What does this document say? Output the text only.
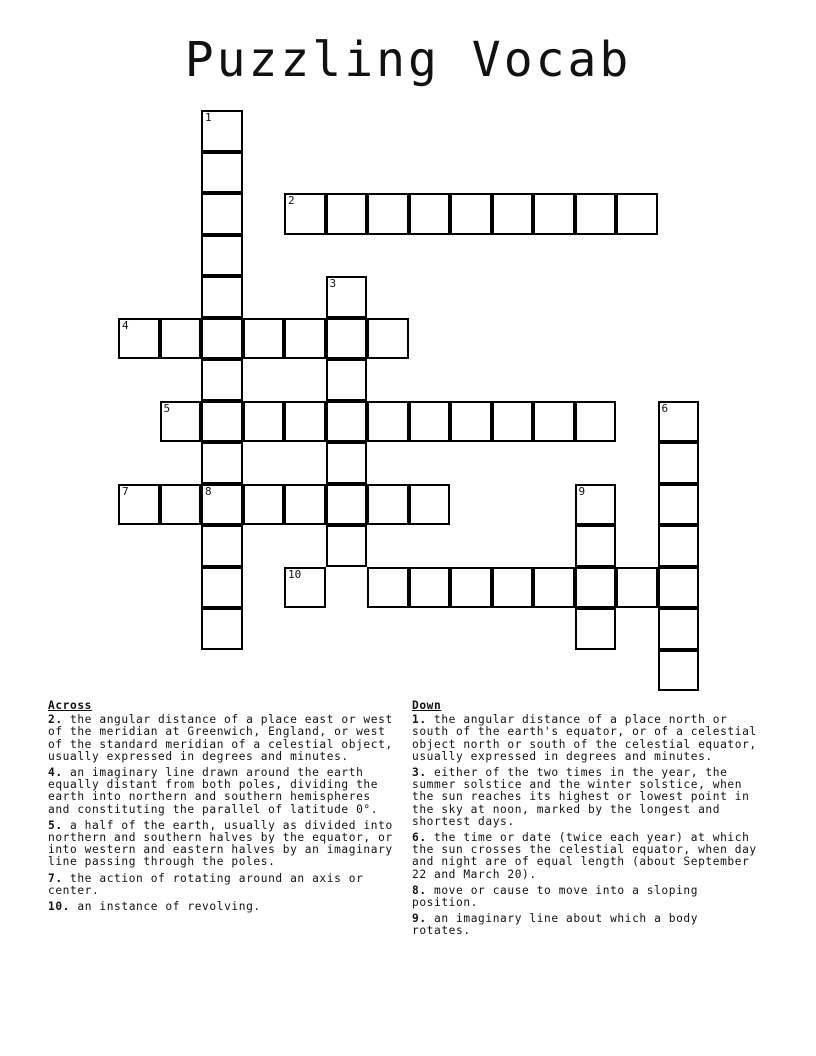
Puzzling Vocab
1
2
3
4
5	6
7	8	9
10
Across
2. the angular distance of a place east or west of the meridian at Greenwich, England, or west of the standard meridian of a celestial object, usually expressed in degrees and minutes.
4. an imaginary line drawn around the earth equally distant from both poles, dividing the earth into northern and southern hemispheres and constituting the parallel of latitude 0°.
5. a half of the earth, usually as divided into northern and southern halves by the equator, or into western and eastern halves by an imaginary line passing through the poles.
7. the action of rotating around an axis or center.
10. an instance of revolving.
Down
1. the angular distance of a place north or south of the earth's equator, or of a celestial object north or south of the celestial equator, usually expressed in degrees and minutes.
3. either of the two times in the year, the summer solstice and the winter solstice, when the sun reaches its highest or lowest point in the sky at noon, marked by the longest and shortest days.
6. the time or date (twice each year) at which the sun crosses the celestial equator, when day and night are of equal length (about September 22 and March 20).
8. move or cause to move into a sloping position.
9. an imaginary line about which a body rotates.
